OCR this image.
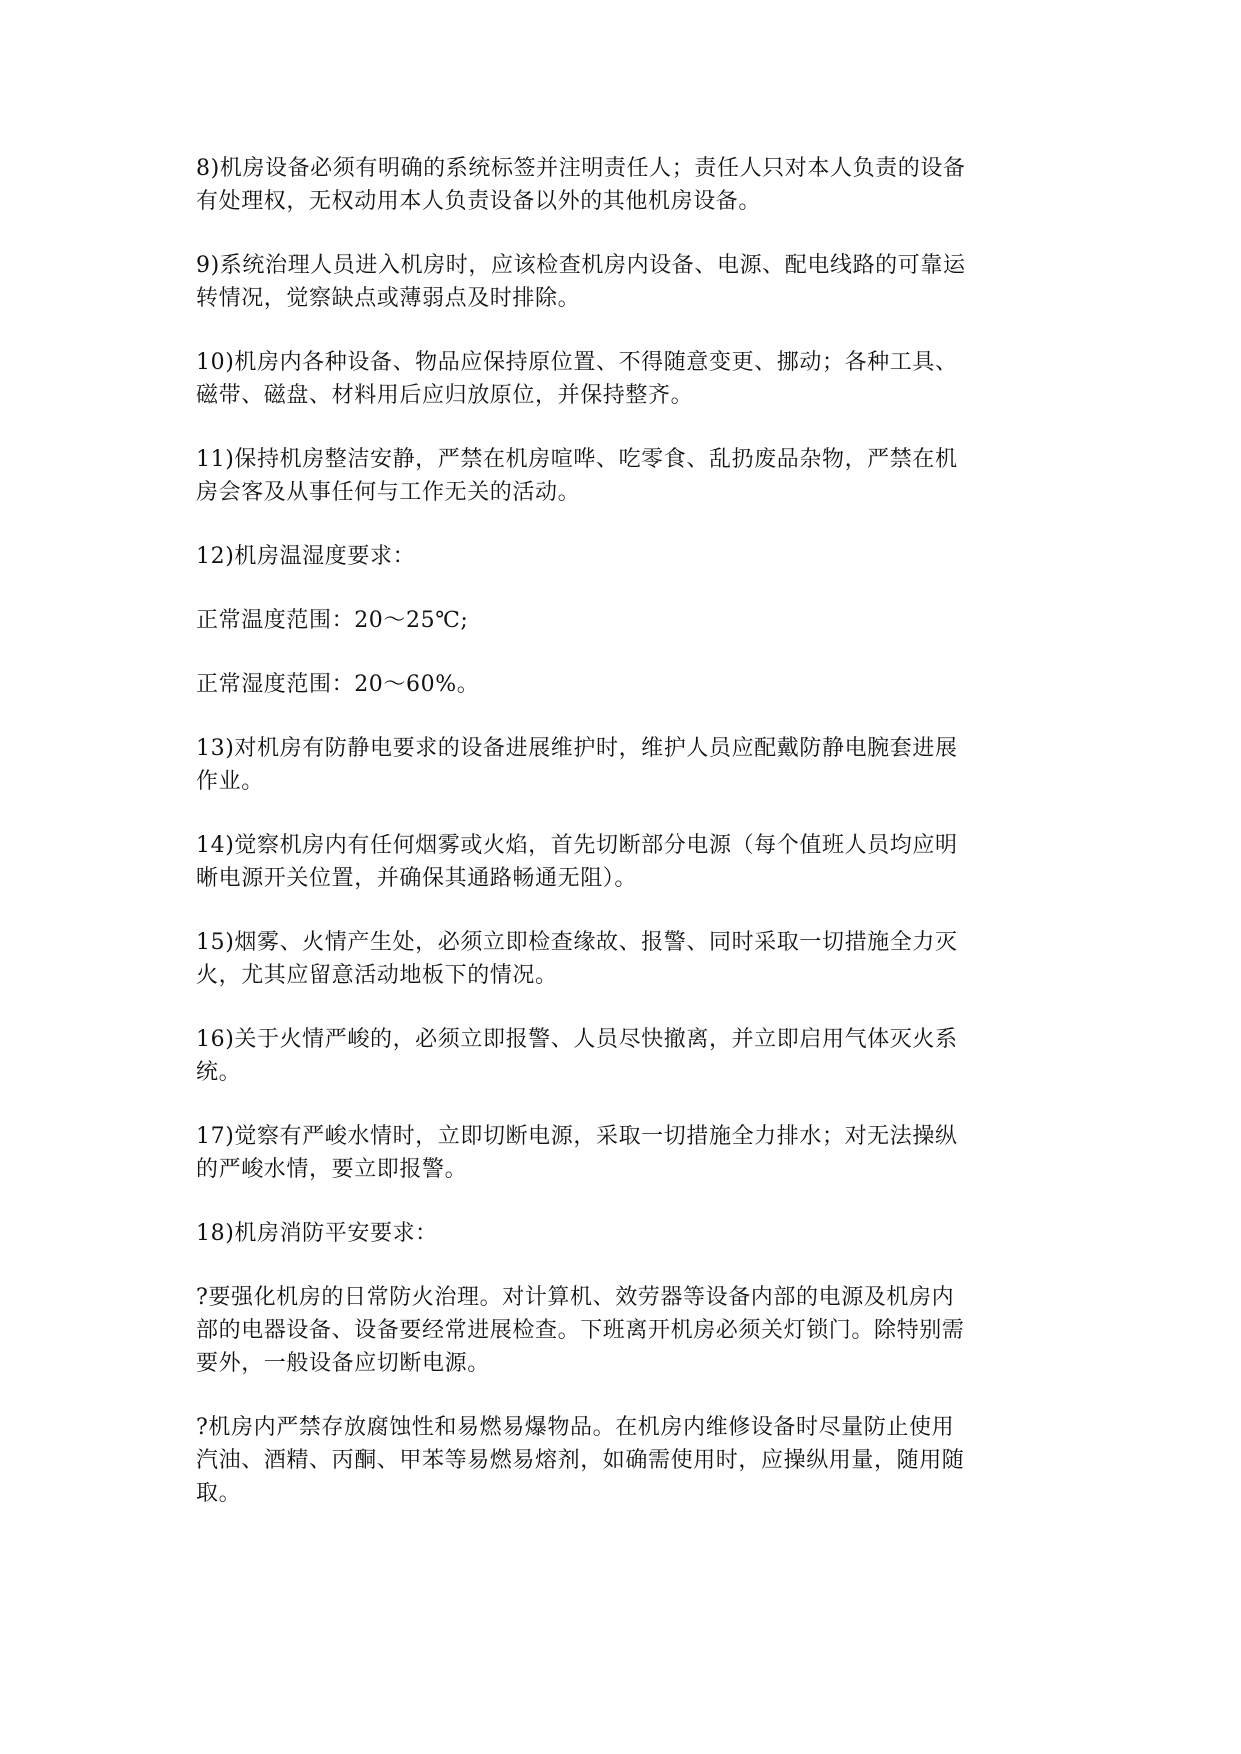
8)机房设备必须有明确的系统标签并注明责任人；责任人只对本人负责的设备
有处理权，无权动用本人负责设备以外的其他机房设备。

9)系统治理人员进入机房时，应该检查机房内设备、电源、配电线路的可靠运
转情况，觉察缺点或薄弱点及时排除。

10)机房内各种设备、物品应保持原位置、不得随意变更、挪动；各种工具、
磁带、磁盘、材料用后应归放原位，并保持整齐。

11)保持机房整洁安静，严禁在机房喧哗、吃零食、乱扔废品杂物，严禁在机
房会客及从事任何与工作无关的活动。

12)机房温湿度要求：

正常温度范围：20～25℃;

正常湿度范围：20～60%。

13)对机房有防静电要求的设备进展维护时，维护人员应配戴防静电腕套进展
作业。

14)觉察机房内有任何烟雾或火焰，首先切断部分电源（每个值班人员均应明
晰电源开关位置，并确保其通路畅通无阻）。

15)烟雾、火情产生处，必须立即检查缘故、报警、同时采取一切措施全力灭
火，尤其应留意活动地板下的情况。

16)关于火情严峻的，必须立即报警、人员尽快撤离，并立即启用气体灭火系
统。

17)觉察有严峻水情时，立即切断电源，采取一切措施全力排水；对无法操纵
的严峻水情，要立即报警。

18)机房消防平安要求：

?要强化机房的日常防火治理。对计算机、效劳器等设备内部的电源及机房内
部的电器设备、设备要经常进展检查。下班离开机房必须关灯锁门。除特别需
要外，一般设备应切断电源。

?机房内严禁存放腐蚀性和易燃易爆物品。在机房内维修设备时尽量防止使用
汽油、酒精、丙酮、甲苯等易燃易熔剂，如确需使用时，应操纵用量，随用随
取。
